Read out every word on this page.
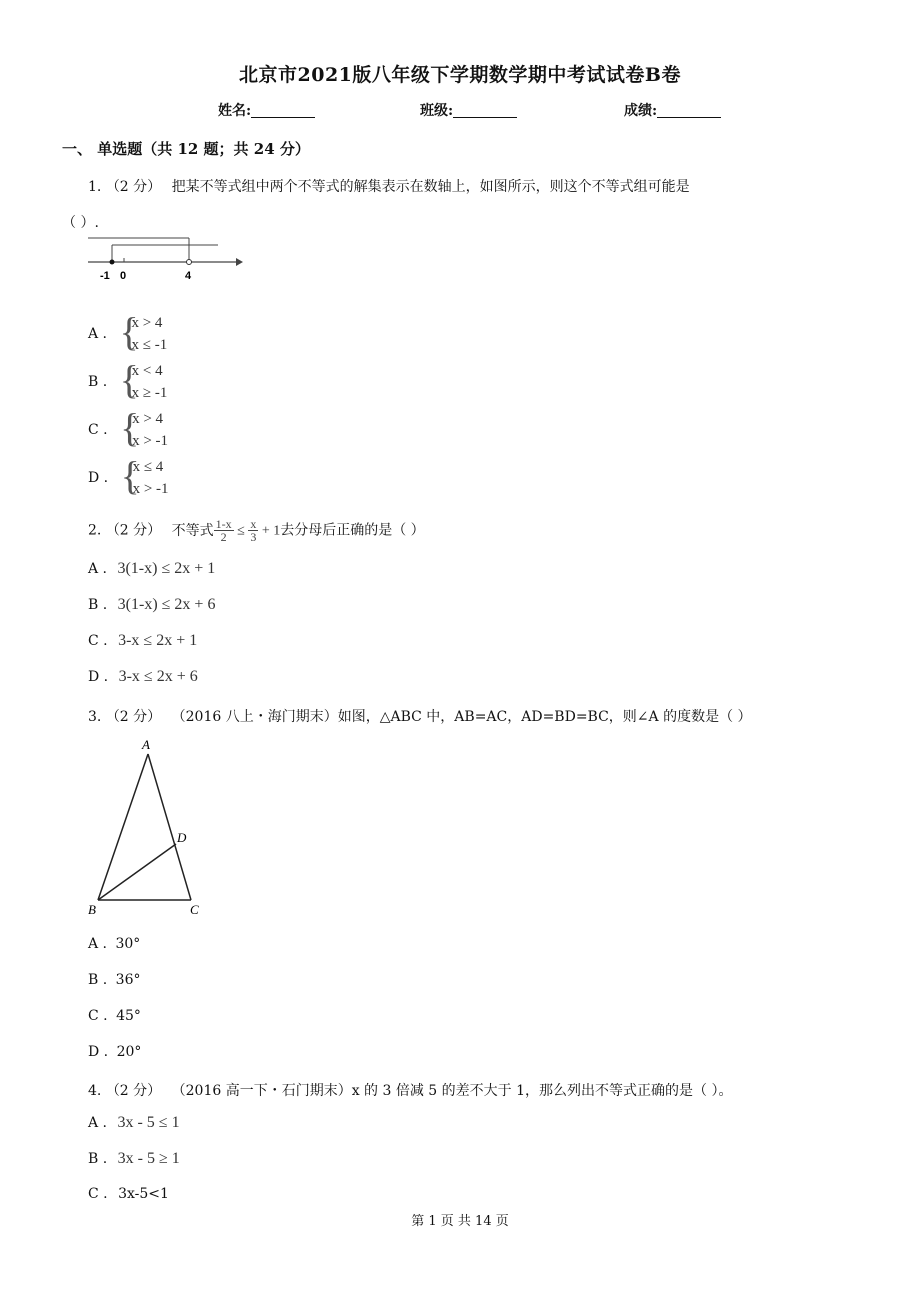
北京市2021版八年级下学期数学期中考试试卷B卷
姓名:	班级:	成绩:
一、 单选题（共 12 题；共 24 分）
1. （2 分） 把某不等式组中两个不等式的解集表示在数轴上，如图所示，则这个不等式组可能是
（ ）.
-1 0	4
A . {
x > 4
x ≤ -1
B . {
x < 4
x ≥ -1
C . {
x > 4
x > -1
D . {
x ≤ 4
x > -1
2. （2 分） 不等式 $\frac{1-x}{2} \le \frac{x}{3} + 1$去分母后正确的是（ ）
A . 3(1-x) ≤ 2x + 1
B . 3(1-x) ≤ 2x + 6
C . 3-x ≤ 2x + 1
D . 3-x ≤ 2x + 6
3. （2 分） （2016 八上・海门期末）如图，△ABC 中，AB=AC，AD=BD=BC，则∠A 的度数是（ ）
A
B	C
D
A . 30°
B . 36°
C . 45°
D . 20°
4. （2 分） （2016 高一下・石门期末）x 的 3 倍减 5 的差不大于 1，那么列出不等式正确的是（ ）。
A . 3x - 5 ≤ 1
B . 3x - 5 ≥ 1
C . 3x-5<1
第 1 页 共 14 页
